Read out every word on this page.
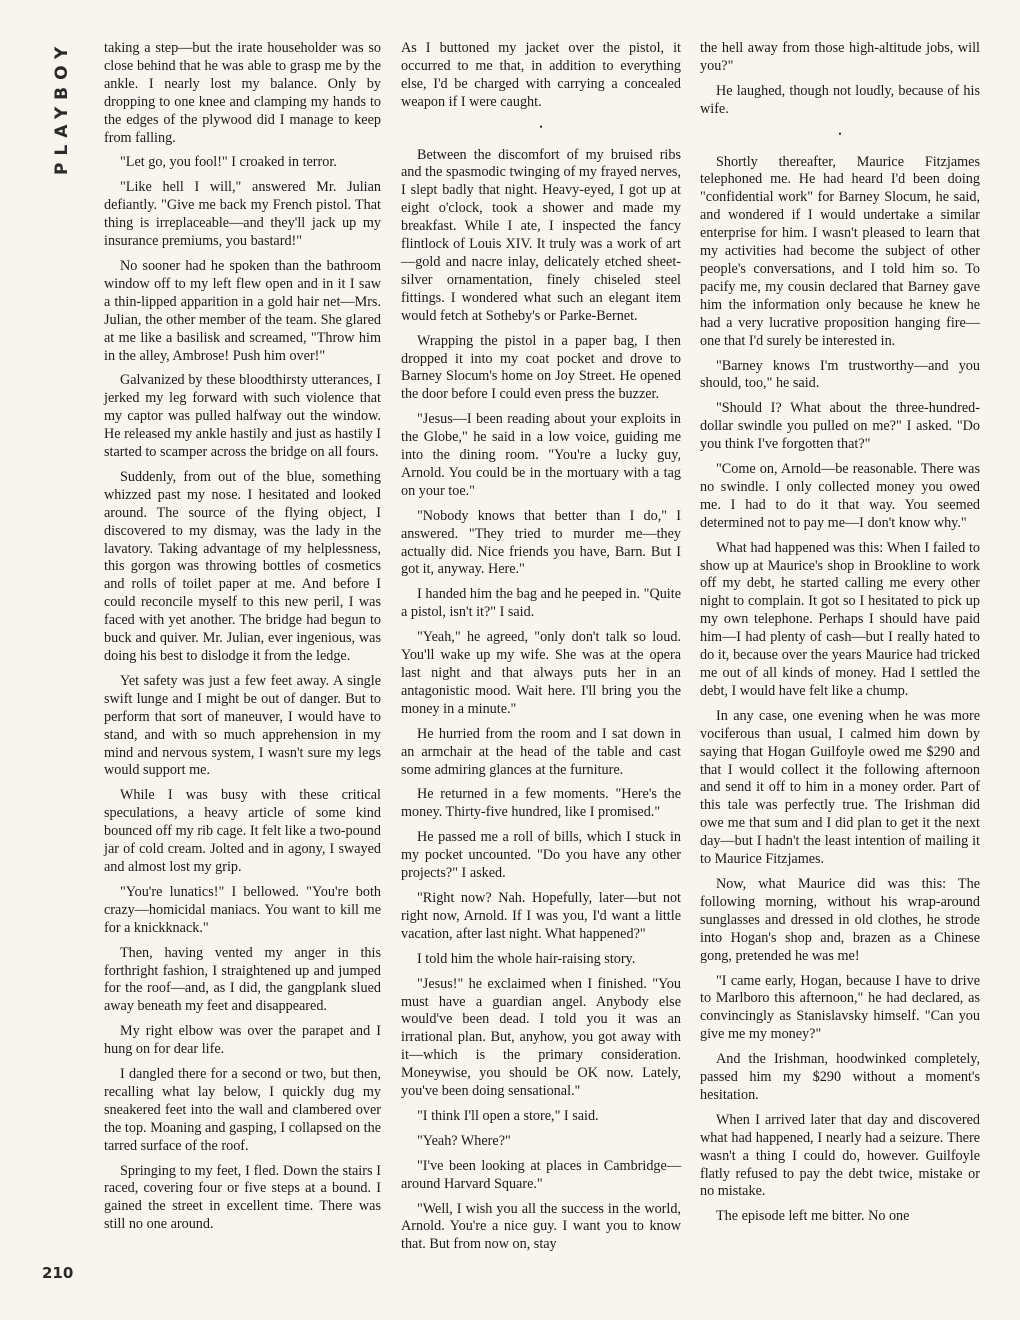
PLAYBOY
210

taking a step—but the irate householder was so close behind that he was able to grasp me by the ankle. I nearly lost my balance. Only by dropping to one knee and clamping my hands to the edges of the plywood did I manage to keep from falling.

"Let go, you fool!" I croaked in terror.

"Like hell I will," answered Mr. Julian defiantly. "Give me back my French pistol. That thing is irreplaceable—and they'll jack up my insurance premiums, you bastard!"

No sooner had he spoken than the bathroom window off to my left flew open and in it I saw a thin-lipped apparition in a gold hair net—Mrs. Julian, the other member of the team. She glared at me like a basilisk and screamed, "Throw him in the alley, Ambrose! Push him over!"

Galvanized by these bloodthirsty utterances, I jerked my leg forward with such violence that my captor was pulled halfway out the window. He released my ankle hastily and just as hastily I started to scamper across the bridge on all fours.

Suddenly, from out of the blue, something whizzed past my nose. I hesitated and looked around. The source of the flying object, I discovered to my dismay, was the lady in the lavatory. Taking advantage of my helplessness, this gorgon was throwing bottles of cosmetics and rolls of toilet paper at me. And before I could reconcile myself to this new peril, I was faced with yet another. The bridge had begun to buck and quiver. Mr. Julian, ever ingenious, was doing his best to dislodge it from the ledge.

Yet safety was just a few feet away. A single swift lunge and I might be out of danger. But to perform that sort of maneuver, I would have to stand, and with so much apprehension in my mind and nervous system, I wasn't sure my legs would support me.

While I was busy with these critical speculations, a heavy article of some kind bounced off my rib cage. It felt like a two-pound jar of cold cream. Jolted and in agony, I swayed and almost lost my grip.

"You're lunatics!" I bellowed. "You're both crazy—homicidal maniacs. You want to kill me for a knickknack."

Then, having vented my anger in this forthright fashion, I straightened up and jumped for the roof—and, as I did, the gangplank slued away beneath my feet and disappeared.

My right elbow was over the parapet and I hung on for dear life.

I dangled there for a second or two, but then, recalling what lay below, I quickly dug my sneakered feet into the wall and clambered over the top. Moaning and gasping, I collapsed on the tarred surface of the roof.

Springing to my feet, I fled. Down the stairs I raced, covering four or five steps at a bound. I gained the street in excellent time. There was still no one around.

As I buttoned my jacket over the pistol, it occurred to me that, in addition to everything else, I'd be charged with carrying a concealed weapon if I were caught.

•

Between the discomfort of my bruised ribs and the spasmodic twinging of my frayed nerves, I slept badly that night. Heavy-eyed, I got up at eight o'clock, took a shower and made my breakfast. While I ate, I inspected the fancy flintlock of Louis XIV. It truly was a work of art—gold and nacre inlay, delicately etched sheet-silver ornamentation, finely chiseled steel fittings. I wondered what such an elegant item would fetch at Sotheby's or Parke-Bernet.

Wrapping the pistol in a paper bag, I then dropped it into my coat pocket and drove to Barney Slocum's home on Joy Street. He opened the door before I could even press the buzzer.

"Jesus—I been reading about your exploits in the Globe," he said in a low voice, guiding me into the dining room. "You're a lucky guy, Arnold. You could be in the mortuary with a tag on your toe."

"Nobody knows that better than I do," I answered. "They tried to murder me—they actually did. Nice friends you have, Barn. But I got it, anyway. Here."

I handed him the bag and he peeped in. "Quite a pistol, isn't it?" I said.

"Yeah," he agreed, "only don't talk so loud. You'll wake up my wife. She was at the opera last night and that always puts her in an antagonistic mood. Wait here. I'll bring you the money in a minute."

He hurried from the room and I sat down in an armchair at the head of the table and cast some admiring glances at the furniture.

He returned in a few moments. "Here's the money. Thirty-five hundred, like I promised."

He passed me a roll of bills, which I stuck in my pocket uncounted. "Do you have any other projects?" I asked.

"Right now? Nah. Hopefully, later—but not right now, Arnold. If I was you, I'd want a little vacation, after last night. What happened?"

I told him the whole hair-raising story.

"Jesus!" he exclaimed when I finished. "You must have a guardian angel. Anybody else would've been dead. I told you it was an irrational plan. But, anyhow, you got away with it—which is the primary consideration. Moneywise, you should be OK now. Lately, you've been doing sensational."

"I think I'll open a store," I said.

"Yeah? Where?"

"I've been looking at places in Cambridge—around Harvard Square."

"Well, I wish you all the success in the world, Arnold. You're a nice guy. I want you to know that. But from now on, stay

the hell away from those high-altitude jobs, will you?"

He laughed, though not loudly, because of his wife.

•

Shortly thereafter, Maurice Fitzjames telephoned me. He had heard I'd been doing "confidential work" for Barney Slocum, he said, and wondered if I would undertake a similar enterprise for him. I wasn't pleased to learn that my activities had become the subject of other people's conversations, and I told him so. To pacify me, my cousin declared that Barney gave him the information only because he knew he had a very lucrative proposition hanging fire—one that I'd surely be interested in.

"Barney knows I'm trustworthy—and you should, too," he said.

"Should I? What about the three-hundred-dollar swindle you pulled on me?" I asked. "Do you think I've forgotten that?"

"Come on, Arnold—be reasonable. There was no swindle. I only collected money you owed me. I had to do it that way. You seemed determined not to pay me—I don't know why."

What had happened was this: When I failed to show up at Maurice's shop in Brookline to work off my debt, he started calling me every other night to complain. It got so I hesitated to pick up my own telephone. Perhaps I should have paid him—I had plenty of cash—but I really hated to do it, because over the years Maurice had tricked me out of all kinds of money. Had I settled the debt, I would have felt like a chump.

In any case, one evening when he was more vociferous than usual, I calmed him down by saying that Hogan Guilfoyle owed me $290 and that I would collect it the following afternoon and send it off to him in a money order. Part of this tale was perfectly true. The Irishman did owe me that sum and I did plan to get it the next day—but I hadn't the least intention of mailing it to Maurice Fitzjames.

Now, what Maurice did was this: The following morning, without his wrap-around sunglasses and dressed in old clothes, he strode into Hogan's shop and, brazen as a Chinese gong, pretended he was me!

"I came early, Hogan, because I have to drive to Marlboro this afternoon," he had declared, as convincingly as Stanislavsky himself. "Can you give me my money?"

And the Irishman, hoodwinked completely, passed him my $290 without a moment's hesitation.

When I arrived later that day and discovered what had happened, I nearly had a seizure. There wasn't a thing I could do, however. Guilfoyle flatly refused to pay the debt twice, mistake or no mistake.

The episode left me bitter. No one
